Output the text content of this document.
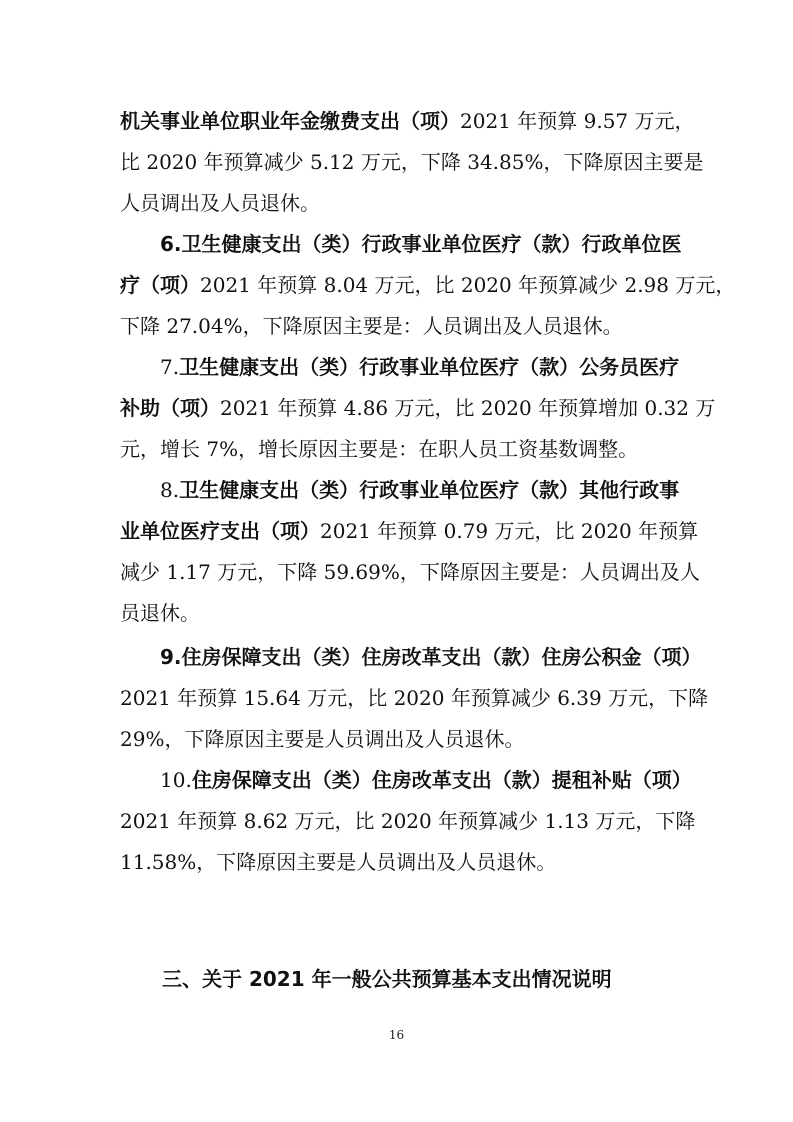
机关事业单位职业年金缴费支出（项）2021 年预算 9.57 万元，
比 2020 年预算减少 5.12 万元，下降 34.85%，下降原因主要是
人员调出及人员退休。
6.卫生健康支出（类）行政事业单位医疗（款）行政单位医
疗（项）2021 年预算 8.04 万元，比 2020 年预算减少 2.98 万元，
下降 27.04%，下降原因主要是：人员调出及人员退休。
7.卫生健康支出（类）行政事业单位医疗（款）公务员医疗
补助（项）2021 年预算 4.86 万元，比 2020 年预算增加 0.32 万
元，增长 7%，增长原因主要是：在职人员工资基数调整。
8.卫生健康支出（类）行政事业单位医疗（款）其他行政事
业单位医疗支出（项）2021 年预算 0.79 万元，比 2020 年预算
减少 1.17 万元，下降 59.69%，下降原因主要是：人员调出及人
员退休。
9.住房保障支出（类）住房改革支出（款）住房公积金（项）
2021 年预算 15.64 万元，比 2020 年预算减少 6.39 万元，下降
29%，下降原因主要是人员调出及人员退休。
10.住房保障支出（类）住房改革支出（款）提租补贴（项）
2021 年预算 8.62 万元，比 2020 年预算减少 1.13 万元，下降
11.58%，下降原因主要是人员调出及人员退休。
三、关于 2021 年一般公共预算基本支出情况说明
16
